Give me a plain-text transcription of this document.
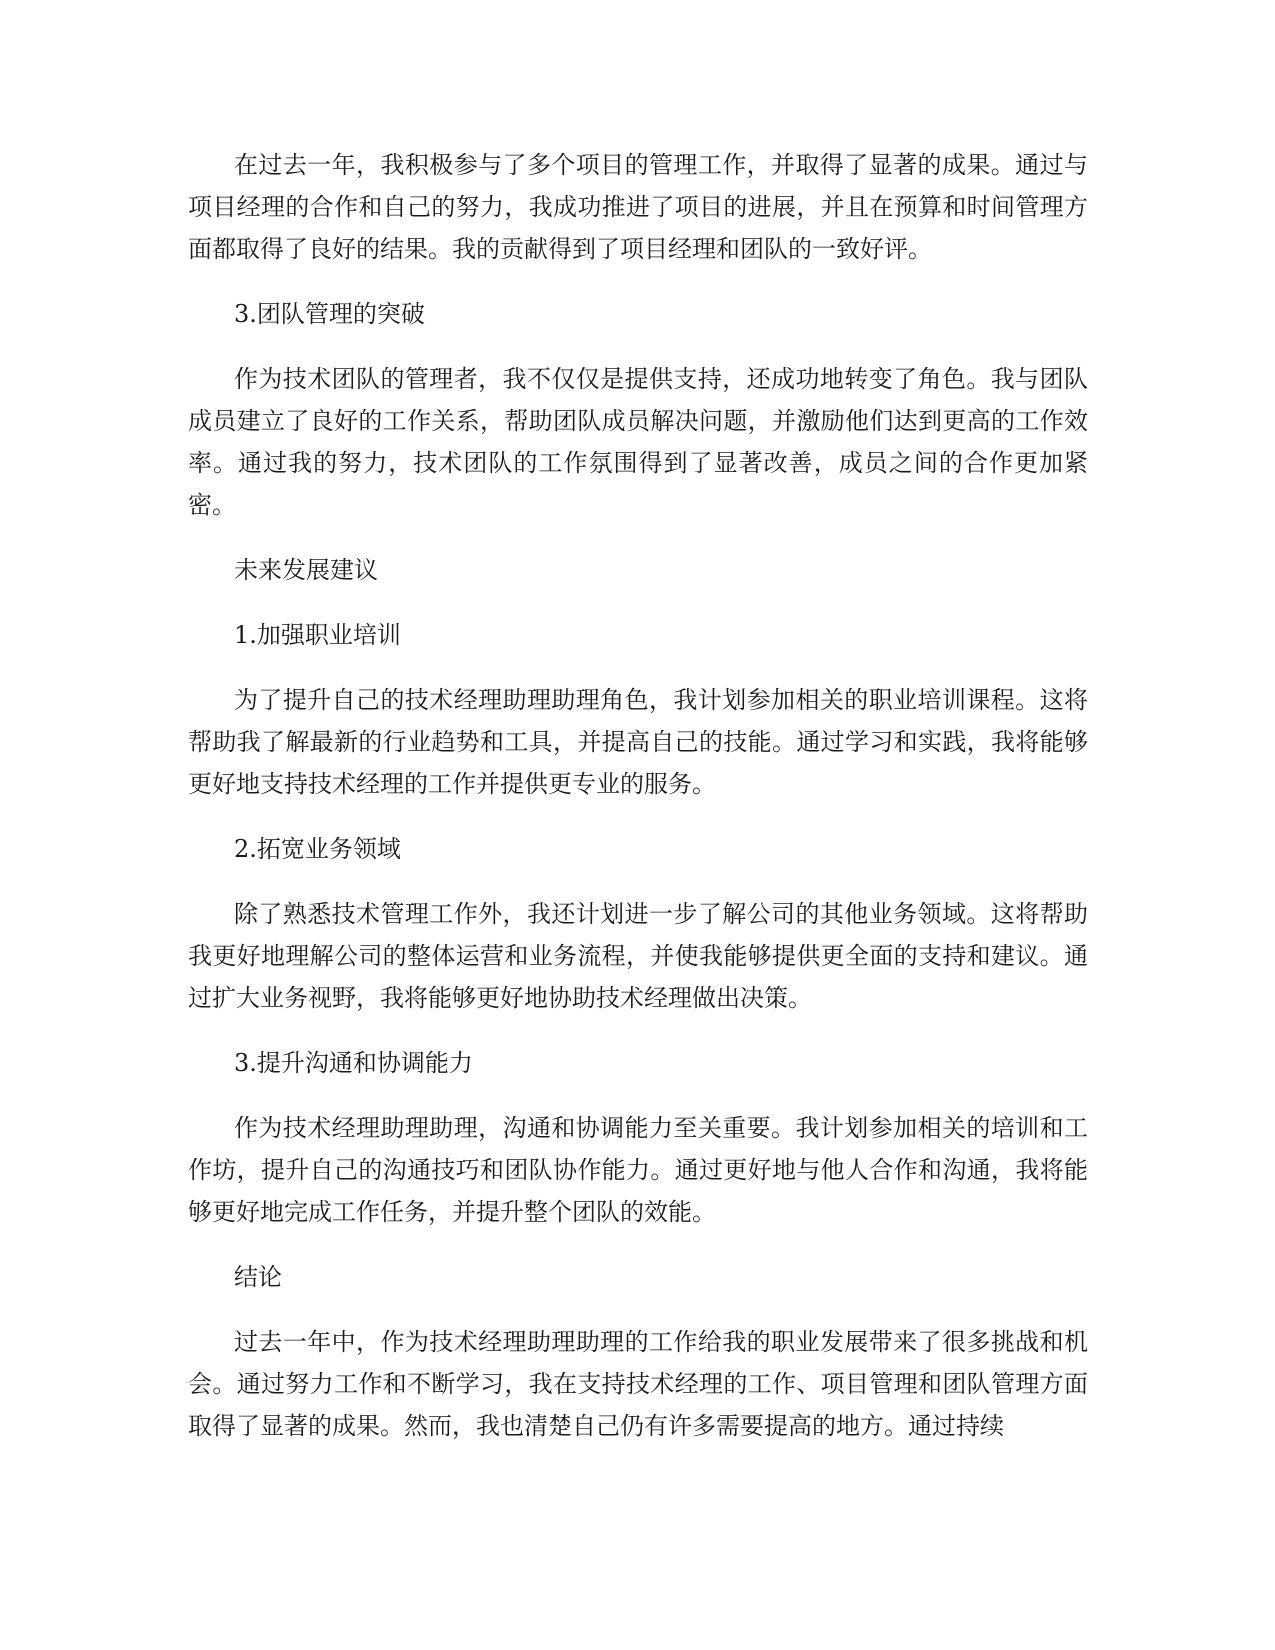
在过去一年，我积极参与了多个项目的管理工作，并取得了显著的成果。通过与项目经理的合作和自己的努力，我成功推进了项目的进展，并且在预算和时间管理方面都取得了良好的结果。我的贡献得到了项目经理和团队的一致好评。

3.团队管理的突破

作为技术团队的管理者，我不仅仅是提供支持，还成功地转变了角色。我与团队成员建立了良好的工作关系，帮助团队成员解决问题，并激励他们达到更高的工作效率。通过我的努力，技术团队的工作氛围得到了显著改善，成员之间的合作更加紧密。

未来发展建议

1.加强职业培训

为了提升自己的技术经理助理助理角色，我计划参加相关的职业培训课程。这将帮助我了解最新的行业趋势和工具，并提高自己的技能。通过学习和实践，我将能够更好地支持技术经理的工作并提供更专业的服务。

2.拓宽业务领域

除了熟悉技术管理工作外，我还计划进一步了解公司的其他业务领域。这将帮助我更好地理解公司的整体运营和业务流程，并使我能够提供更全面的支持和建议。通过扩大业务视野，我将能够更好地协助技术经理做出决策。

3.提升沟通和协调能力

作为技术经理助理助理，沟通和协调能力至关重要。我计划参加相关的培训和工作坊，提升自己的沟通技巧和团队协作能力。通过更好地与他人合作和沟通，我将能够更好地完成工作任务，并提升整个团队的效能。

结论

过去一年中，作为技术经理助理助理的工作给我的职业发展带来了很多挑战和机会。通过努力工作和不断学习，我在支持技术经理的工作、项目管理和团队管理方面取得了显著的成果。然而，我也清楚自己仍有许多需要提高的地方。通过持续
